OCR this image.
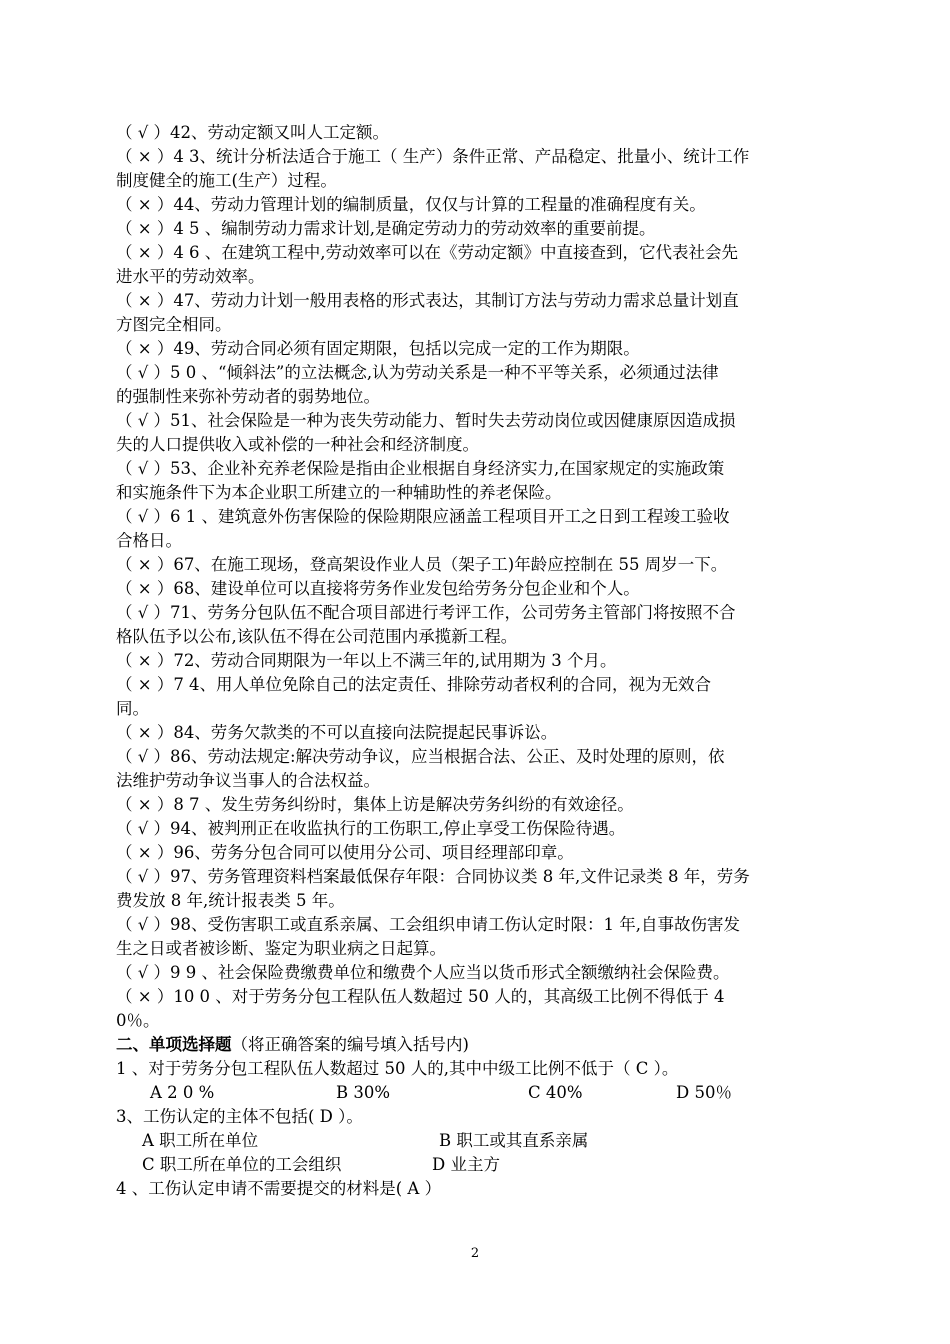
（ √ ）42、劳动定额又叫人工定额。
（ × ）4 3、统计分析法适合于施工（ 生产）条件正常、产品稳定、批量小、统计工作
制度健全的施工(生产）过程。
（ × ）44、劳动力管理计划的编制质量，仅仅与计算的工程量的准确程度有关。
（ × ）4 5 、编制劳动力需求计划,是确定劳动力的劳动效率的重要前提。
（ × ）4 6 、在建筑工程中,劳动效率可以在《劳动定额》中直接查到，它代表社会先
进水平的劳动效率。
（ × ）47、劳动力计划一般用表格的形式表达，其制订方法与劳动力需求总量计划直
方图完全相同。
（ × ）49、劳动合同必须有固定期限，包括以完成一定的工作为期限。
（ √ ）5 0 、“倾斜法”的立法概念,认为劳动关系是一种不平等关系，必须通过法律
的强制性来弥补劳动者的弱势地位。
（ √ ）51、社会保险是一种为丧失劳动能力、暂时失去劳动岗位或因健康原因造成损
失的人口提供收入或补偿的一种社会和经济制度。
（ √ ）53、企业补充养老保险是指由企业根据自身经济实力,在国家规定的实施政策
和实施条件下为本企业职工所建立的一种辅助性的养老保险。
（ √ ）6 1 、建筑意外伤害保险的保险期限应涵盖工程项目开工之日到工程竣工验收
合格日。
（ × ）67、在施工现场，登高架设作业人员（架子工)年龄应控制在 55 周岁一下。
（ × ）68、建设单位可以直接将劳务作业发包给劳务分包企业和个人。
（ √ ）71、劳务分包队伍不配合项目部进行考评工作，公司劳务主管部门将按照不合
格队伍予以公布,该队伍不得在公司范围内承揽新工程。
（ × ）72、劳动合同期限为一年以上不满三年的,试用期为 3 个月。
（ × ）7 4、用人单位免除自己的法定责任、排除劳动者权利的合同，视为无效合
同。
（ × ）84、劳务欠款类的不可以直接向法院提起民事诉讼。
（ √ ）86、劳动法规定:解决劳动争议，应当根据合法、公正、及时处理的原则，依
法维护劳动争议当事人的合法权益。
（ × ）8 7 、发生劳务纠纷时，集体上访是解决劳务纠纷的有效途径。
（ √ ）94、被判刑正在收监执行的工伤职工,停止享受工伤保险待遇。
（ × ）96、劳务分包合同可以使用分公司、项目经理部印章。
（ √ ）97、劳务管理资料档案最低保存年限：合同协议类 8 年,文件记录类 8 年，劳务
费发放 8 年,统计报表类 5 年。
（ √ ）98、受伤害职工或直系亲属、工会组织申请工伤认定时限：1 年,自事故伤害发
生之日或者被诊断、鉴定为职业病之日起算。
（ √ ）9 9 、社会保险费缴费单位和缴费个人应当以货币形式全额缴纳社会保险费。
（ × ）10 0 、对于劳务分包工程队伍人数超过 50 人的，其高级工比例不得低于 4
0％。
二、单项选择题（将正确答案的编号填入括号内)
1 、对于劳务分包工程队伍人数超过 50 人的,其中中级工比例不低于（ C ）。
A 2 0 %	B 30%	C 40%	D 50％
3、工伤认定的主体不包括( D ）。
A 职工所在单位	B 职工或其直系亲属
C 职工所在单位的工会组织	D 业主方
4 、工伤认定申请不需要提交的材料是( A ）
2
